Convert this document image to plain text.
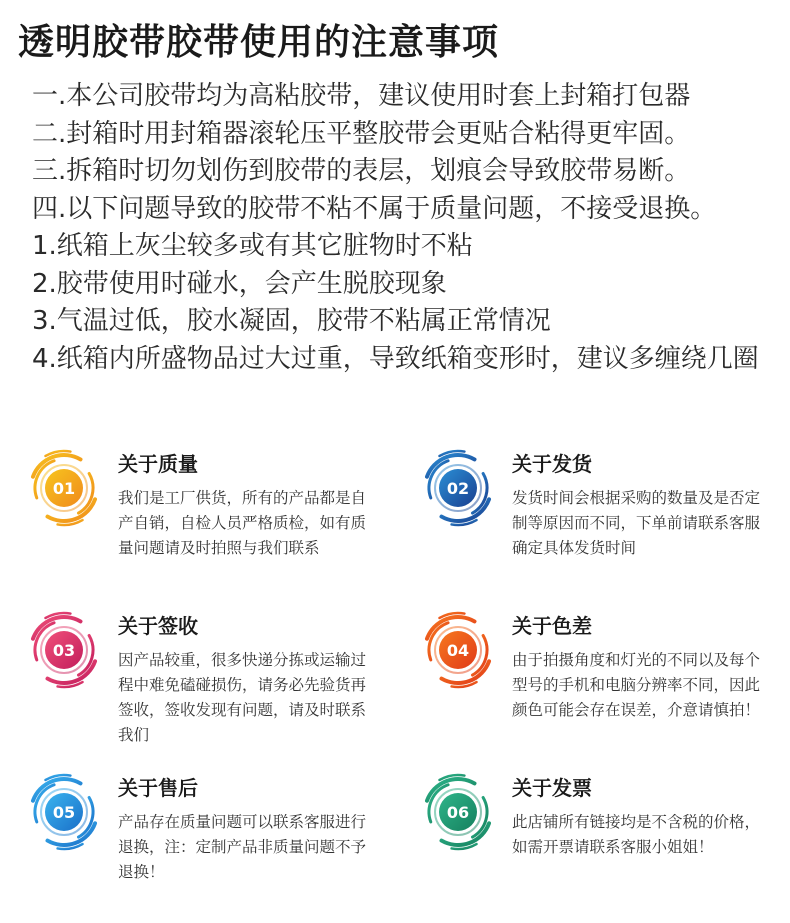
透明胶带胶带使用的注意事项
一.本公司胶带均为高粘胶带，建议使用时套上封箱打包器
二.封箱时用封箱器滚轮压平整胶带会更贴合粘得更牢固。
三.拆箱时切勿划伤到胶带的表层，划痕会导致胶带易断。
四.以下问题导致的胶带不粘不属于质量问题，不接受退换。
1.纸箱上灰尘较多或有其它脏物时不粘
2.胶带使用时碰水，会产生脱胶现象
3.气温过低，胶水凝固，胶带不粘属正常情况
4.纸箱内所盛物品过大过重，导致纸箱变形时，建议多缠绕几圈
01
关于质量
我们是工厂供货，所有的产品都是自产自销，自检人员严格质检，如有质量问题请及时拍照与我们联系
02
关于发货
发货时间会根据采购的数量及是否定制等原因而不同，下单前请联系客服确定具体发货时间
03
关于签收
因产品较重，很多快递分拣或运输过程中难免磕碰损伤，请务必先验货再签收，签收发现有问题，请及时联系我们
04
关于色差
由于拍摄角度和灯光的不同以及每个型号的手机和电脑分辨率不同，因此颜色可能会存在误差，介意请慎拍！
05
关于售后
产品存在质量问题可以联系客服进行退换，注：定制产品非质量问题不予退换！
06
关于发票
此店铺所有链接均是不含税的价格，如需开票请联系客服小姐姐！
